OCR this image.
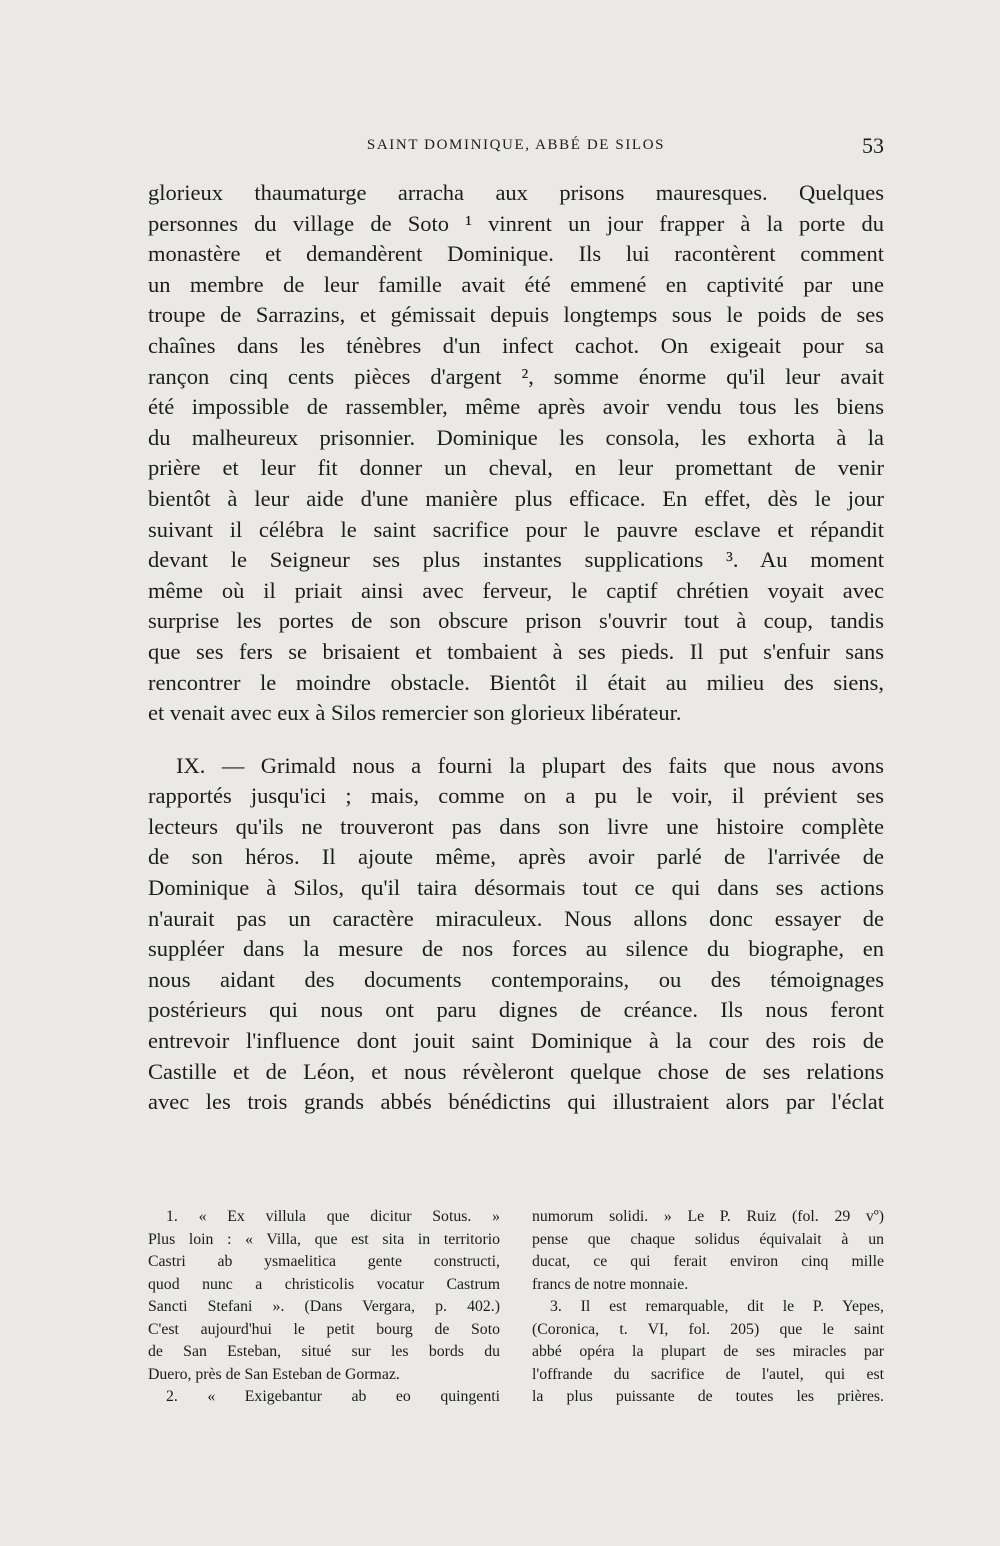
SAINT DOMINIQUE, ABBÉ DE SILOS	53
glorieux thaumaturge arracha aux prisons mauresques. Quelques
personnes du village de Soto ¹ vinrent un jour frapper à la porte du
monastère et demandèrent Dominique. Ils lui racontèrent comment
un membre de leur famille avait été emmené en captivité par une
troupe de Sarrazins, et gémissait depuis longtemps sous le poids de ses
chaînes dans les ténèbres d'un infect cachot. On exigeait pour sa
rançon cinq cents pièces d'argent ², somme énorme qu'il leur avait
été impossible de rassembler, même après avoir vendu tous les biens
du malheureux prisonnier. Dominique les consola, les exhorta à la
prière et leur fit donner un cheval, en leur promettant de venir
bientôt à leur aide d'une manière plus efficace. En effet, dès le jour
suivant il célébra le saint sacrifice pour le pauvre esclave et répandit
devant le Seigneur ses plus instantes supplications ³. Au moment
même où il priait ainsi avec ferveur, le captif chrétien voyait avec
surprise les portes de son obscure prison s'ouvrir tout à coup, tandis
que ses fers se brisaient et tombaient à ses pieds. Il put s'enfuir sans
rencontrer le moindre obstacle. Bientôt il était au milieu des siens,
et venait avec eux à Silos remercier son glorieux libérateur.
IX. — Grimald nous a fourni la plupart des faits que nous avons
rapportés jusqu'ici ; mais, comme on a pu le voir, il prévient ses
lecteurs qu'ils ne trouveront pas dans son livre une histoire complète
de son héros. Il ajoute même, après avoir parlé de l'arrivée de
Dominique à Silos, qu'il taira désormais tout ce qui dans ses actions
n'aurait pas un caractère miraculeux. Nous allons donc essayer de
suppléer dans la mesure de nos forces au silence du biographe, en
nous aidant des documents contemporains, ou des témoignages
postérieurs qui nous ont paru dignes de créance. Ils nous feront
entrevoir l'influence dont jouit saint Dominique à la cour des rois de
Castille et de Léon, et nous révèleront quelque chose de ses relations
avec les trois grands abbés bénédictins qui illustraient alors par l'éclat
1. « Ex villula que dicitur Sotus. »
Plus loin : « Villa, que est sita in territorio
Castri ab ysmaelitica gente constructi,
quod nunc a christicolis vocatur Castrum
Sancti Stefani ». (Dans Vergara, p. 402.)
C'est aujourd'hui le petit bourg de Soto
de San Esteban, situé sur les bords du
Duero, près de San Esteban de Gormaz.
2. « Exigebantur ab eo quingenti
numorum solidi. » Le P. Ruiz (fol. 29 vº)
pense que chaque solidus équivalait à un
ducat, ce qui ferait environ cinq mille
francs de notre monnaie.
3. Il est remarquable, dit le P. Yepes,
(Coronica, t. VI, fol. 205) que le saint
abbé opéra la plupart de ses miracles par
l'offrande du sacrifice de l'autel, qui est
la plus puissante de toutes les prières.
